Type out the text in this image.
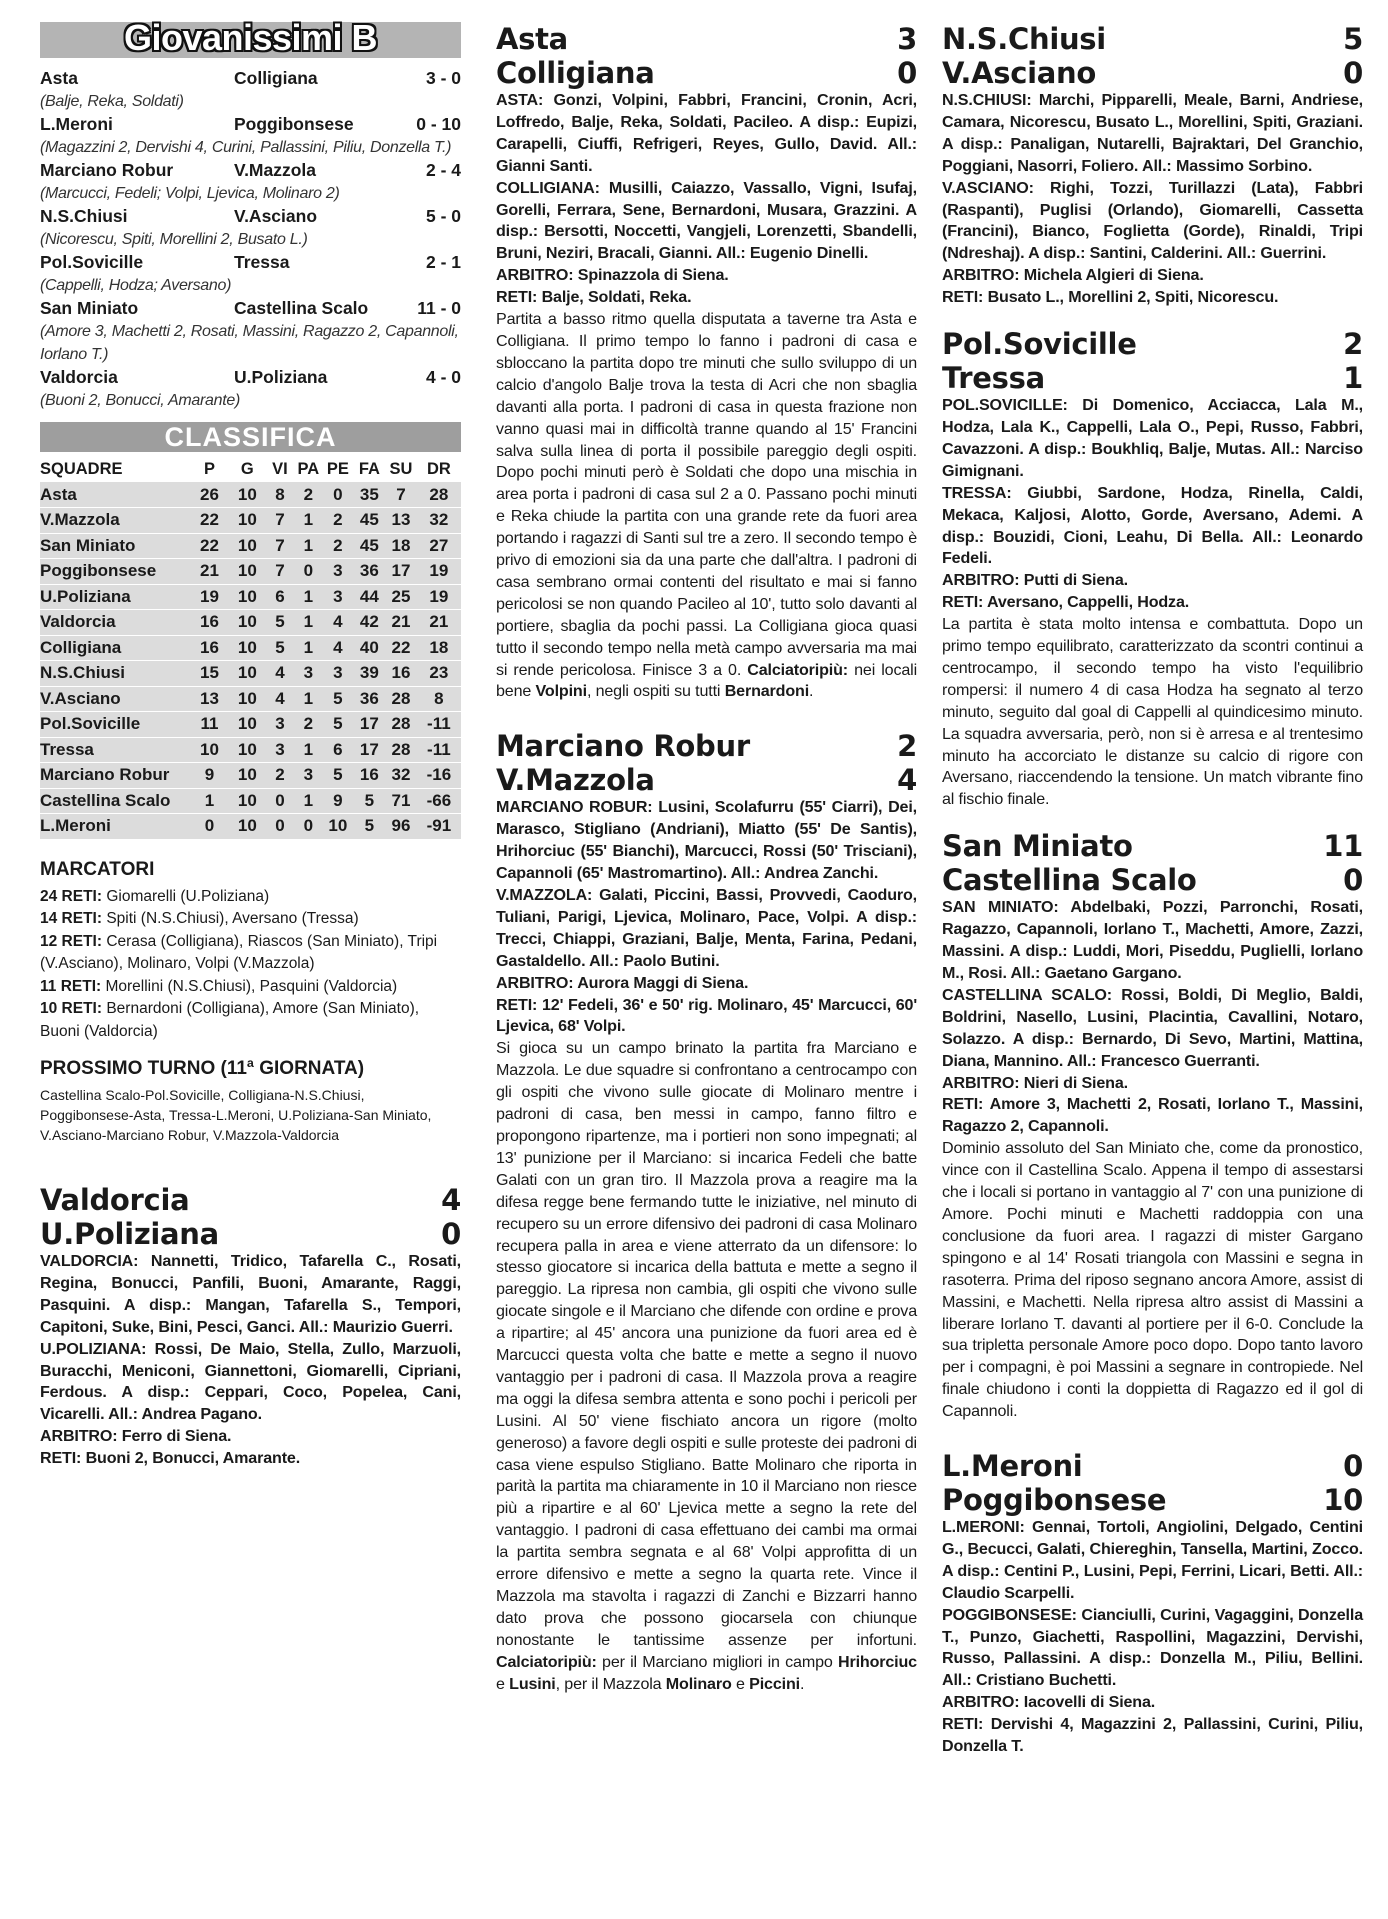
Giovanissimi B
Asta	Colligiana	3 - 0
(Balje, Reka, Soldati)
L.Meroni	Poggibonsese	0 - 10
(Magazzini 2, Dervishi 4, Curini, Pallassini, Piliu, Donzella T.)
Marciano Robur	V.Mazzola	2 - 4
(Marcucci, Fedeli; Volpi, Ljevica, Molinaro 2)
N.S.Chiusi	V.Asciano	5 - 0
(Nicorescu, Spiti, Morellini 2, Busato L.)
Pol.Sovicille	Tressa	2 - 1
(Cappelli, Hodza; Aversano)
San Miniato	Castellina Scalo	11 - 0
(Amore 3, Machetti 2, Rosati, Massini, Ragazzo 2, Capannoli, Iorlano T.)
Valdorcia	U.Poliziana	4 - 0
(Buoni 2, Bonucci, Amarante)
CLASSIFICA
SQUADRE	P	G	VI	PA	PE	FA	SU	DR
Asta	26	10	8	2	0	35	7	28
V.Mazzola	22	10	7	1	2	45	13	32
San Miniato	22	10	7	1	2	45	18	27
Poggibonsese	21	10	7	0	3	36	17	19
U.Poliziana	19	10	6	1	3	44	25	19
Valdorcia	16	10	5	1	4	42	21	21
Colligiana	16	10	5	1	4	40	22	18
N.S.Chiusi	15	10	4	3	3	39	16	23
V.Asciano	13	10	4	1	5	36	28	8
Pol.Sovicille	11	10	3	2	5	17	28	-11
Tressa	10	10	3	1	6	17	28	-11
Marciano Robur	9	10	2	3	5	16	32	-16
Castellina Scalo	1	10	0	1	9	5	71	-66
L.Meroni	0	10	0	0	10	5	96	-91
MARCATORI
24 RETI: Giomarelli (U.Poliziana)
14 RETI: Spiti (N.S.Chiusi), Aversano (Tressa)
12 RETI: Cerasa (Colligiana), Riascos (San Miniato), Tripi (V.Asciano), Molinaro, Volpi (V.Mazzola)
11 RETI: Morellini (N.S.Chiusi), Pasquini (Valdorcia)
10 RETI: Bernardoni (Colligiana), Amore (San Miniato), Buoni (Valdorcia)
PROSSIMO TURNO (11ª GIORNATA)
Castellina Scalo-Pol.Sovicille, Colligiana-N.S.Chiusi, Poggibonsese-Asta, Tressa-L.Meroni, U.Poliziana-San Miniato, V.Asciano-Marciano Robur, V.Mazzola-Valdorcia
Valdorcia	4
U.Poliziana	0
VALDORCIA: Nannetti, Tridico, Tafarella C., Rosati, Regina, Bonucci, Panfili, Buoni, Amarante, Raggi, Pasquini. A disp.: Mangan, Tafarella S., Tempori, Capitoni, Suke, Bini, Pesci, Ganci. All.: Maurizio Guerri.
U.POLIZIANA: Rossi, De Maio, Stella, Zullo, Marzuoli, Buracchi, Meniconi, Giannettoni, Giomarelli, Cipriani, Ferdous. A disp.: Ceppari, Coco, Popelea, Cani, Vicarelli. All.: Andrea Pagano.
ARBITRO: Ferro di Siena.
RETI: Buoni 2, Bonucci, Amarante.
Asta	3
Colligiana	0
ASTA: Gonzi, Volpini, Fabbri, Francini, Cronin, Acri, Loffredo, Balje, Reka, Soldati, Pacileo. A disp.: Eupizi, Carapelli, Ciuffi, Refrigeri, Reyes, Gullo, David. All.: Gianni Santi.
COLLIGIANA: Musilli, Caiazzo, Vassallo, Vigni, Isufaj, Gorelli, Ferrara, Sene, Bernardoni, Musara, Grazzini. A disp.: Bersotti, Noccetti, Vangjeli, Lorenzetti, Sbandelli, Bruni, Neziri, Bracali, Gianni. All.: Eugenio Dinelli.
ARBITRO: Spinazzola di Siena.
RETI: Balje, Soldati, Reka.
Partita a basso ritmo quella disputata a taverne tra Asta e Colligiana. Il primo tempo lo fanno i padroni di casa e sbloccano la partita dopo tre minuti che sullo sviluppo di un calcio d'angolo Balje trova la testa di Acri che non sbaglia davanti alla porta. I padroni di casa in questa frazione non vanno quasi mai in difficoltà tranne quando al 15' Francini salva sulla linea di porta il possibile pareggio degli ospiti. Dopo pochi minuti però è Soldati che dopo una mischia in area porta i padroni di casa sul 2 a 0. Passano pochi minuti e Reka chiude la partita con una grande rete da fuori area portando i ragazzi di Santi sul tre a zero. Il secondo tempo è privo di emozioni sia da una parte che dall'altra. I padroni di casa sembrano ormai contenti del risultato e mai si fanno pericolosi se non quando Pacileo al 10', tutto solo davanti al portiere, sbaglia da pochi passi. La Colligiana gioca quasi tutto il secondo tempo nella metà campo avversaria ma mai si rende pericolosa. Finisce 3 a 0. Calciatoripiù: nei locali bene Volpini, negli ospiti su tutti Bernardoni.
Marciano Robur	2
V.Mazzola	4
MARCIANO ROBUR: Lusini, Scolafurru (55' Ciarri), Dei, Marasco, Stigliano (Andriani), Miatto (55' De Santis), Hrihorciuc (55' Bianchi), Marcucci, Rossi (50' Trisciani), Capannoli (65' Mastromartino). All.: Andrea Zanchi.
V.MAZZOLA: Galati, Piccini, Bassi, Provvedi, Caoduro, Tuliani, Parigi, Ljevica, Molinaro, Pace, Volpi. A disp.: Trecci, Chiappi, Graziani, Balje, Menta, Farina, Pedani, Gastaldello. All.: Paolo Butini.
ARBITRO: Aurora Maggi di Siena.
RETI: 12' Fedeli, 36' e 50' rig. Molinaro, 45' Marcucci, 60' Ljevica, 68' Volpi.
Si gioca su un campo brinato la partita fra Marciano e Mazzola. Le due squadre si confrontano a centrocampo con gli ospiti che vivono sulle giocate di Molinaro mentre i padroni di casa, ben messi in campo, fanno filtro e propongono ripartenze, ma i portieri non sono impegnati; al 13' punizione per il Marciano: si incarica Fedeli che batte Galati con un gran tiro. Il Mazzola prova a reagire ma la difesa regge bene fermando tutte le iniziative, nel minuto di recupero su un errore difensivo dei padroni di casa Molinaro recupera palla in area e viene atterrato da un difensore: lo stesso giocatore si incarica della battuta e mette a segno il pareggio. La ripresa non cambia, gli ospiti che vivono sulle giocate singole e il Marciano che difende con ordine e prova a ripartire; al 45' ancora una punizione da fuori area ed è Marcucci questa volta che batte e mette a segno il nuovo vantaggio per i padroni di casa. Il Mazzola prova a reagire ma oggi la difesa sembra attenta e sono pochi i pericoli per Lusini. Al 50' viene fischiato ancora un rigore (molto generoso) a favore degli ospiti e sulle proteste dei padroni di casa viene espulso Stigliano. Batte Molinaro che riporta in parità la partita ma chiaramente in 10 il Marciano non riesce più a ripartire e al 60' Ljevica mette a segno la rete del vantaggio. I padroni di casa effettuano dei cambi ma ormai la partita sembra segnata e al 68' Volpi approfitta di un errore difensivo e mette a segno la quarta rete. Vince il Mazzola ma stavolta i ragazzi di Zanchi e Bizzarri hanno dato prova che possono giocarsela con chiunque nonostante le tantissime assenze per infortuni. Calciatoripiù: per il Marciano migliori in campo Hrihorciuc e Lusini, per il Mazzola Molinaro e Piccini.
N.S.Chiusi	5
V.Asciano	0
N.S.CHIUSI: Marchi, Pipparelli, Meale, Barni, Andriese, Camara, Nicorescu, Busato L., Morellini, Spiti, Graziani. A disp.: Panaligan, Nutarelli, Bajraktari, Del Granchio, Poggiani, Nasorri, Foliero. All.: Massimo Sorbino.
V.ASCIANO: Righi, Tozzi, Turillazzi (Lata), Fabbri (Raspanti), Puglisi (Orlando), Giomarelli, Cassetta (Francini), Bianco, Foglietta (Gorde), Rinaldi, Tripi (Ndreshaj). A disp.: Santini, Calderini. All.: Guerrini.
ARBITRO: Michela Algieri di Siena.
RETI: Busato L., Morellini 2, Spiti, Nicorescu.
Pol.Sovicille	2
Tressa	1
POL.SOVICILLE: Di Domenico, Acciacca, Lala M., Hodza, Lala K., Cappelli, Lala O., Pepi, Russo, Fabbri, Cavazzoni. A disp.: Boukhliq, Balje, Mutas. All.: Narciso Gimignani.
TRESSA: Giubbi, Sardone, Hodza, Rinella, Caldi, Mekaca, Kaljosi, Alotto, Gorde, Aversano, Ademi. A disp.: Bouzidi, Cioni, Leahu, Di Bella. All.: Leonardo Fedeli.
ARBITRO: Putti di Siena.
RETI: Aversano, Cappelli, Hodza.
La partita è stata molto intensa e combattuta. Dopo un primo tempo equilibrato, caratterizzato da scontri continui a centrocampo, il secondo tempo ha visto l'equilibrio rompersi: il numero 4 di casa Hodza ha segnato al terzo minuto, seguito dal goal di Cappelli al quindicesimo minuto. La squadra avversaria, però, non si è arresa e al trentesimo minuto ha accorciato le distanze su calcio di rigore con Aversano, riaccendendo la tensione. Un match vibrante fino al fischio finale.
San Miniato	11
Castellina Scalo	0
SAN MINIATO: Abdelbaki, Pozzi, Parronchi, Rosati, Ragazzo, Capannoli, Iorlano T., Machetti, Amore, Zazzi, Massini. A disp.: Luddi, Mori, Piseddu, Puglielli, Iorlano M., Rosi. All.: Gaetano Gargano.
CASTELLINA SCALO: Rossi, Boldi, Di Meglio, Baldi, Boldrini, Nasello, Lusini, Placintia, Cavallini, Notaro, Solazzo. A disp.: Bernardo, Di Sevo, Martini, Mattina, Diana, Mannino. All.: Francesco Guerranti.
ARBITRO: Nieri di Siena.
RETI: Amore 3, Machetti 2, Rosati, Iorlano T., Massini, Ragazzo 2, Capannoli.
Dominio assoluto del San Miniato che, come da pronostico, vince con il Castellina Scalo. Appena il tempo di assestarsi che i locali si portano in vantaggio al 7' con una punizione di Amore. Pochi minuti e Machetti raddoppia con una conclusione da fuori area. I ragazzi di mister Gargano spingono e al 14' Rosati triangola con Massini e segna in rasoterra. Prima del riposo segnano ancora Amore, assist di Massini, e Machetti. Nella ripresa altro assist di Massini a liberare Iorlano T. davanti al portiere per il 6-0. Conclude la sua tripletta personale Amore poco dopo. Dopo tanto lavoro per i compagni, è poi Massini a segnare in contropiede. Nel finale chiudono i conti la doppietta di Ragazzo ed il gol di Capannoli.
L.Meroni	0
Poggibonsese	10
L.MERONI: Gennai, Tortoli, Angiolini, Delgado, Centini G., Becucci, Galati, Chiereghin, Tansella, Martini, Zocco. A disp.: Centini P., Lusini, Pepi, Ferrini, Licari, Betti. All.: Claudio Scarpelli.
POGGIBONSESE: Cianciulli, Curini, Vagaggini, Donzella T., Punzo, Giachetti, Raspollini, Magazzini, Dervishi, Russo, Pallassini. A disp.: Donzella M., Piliu, Bellini. All.: Cristiano Buchetti.
ARBITRO: Iacovelli di Siena.
RETI: Dervishi 4, Magazzini 2, Pallassini, Curini, Piliu, Donzella T.
